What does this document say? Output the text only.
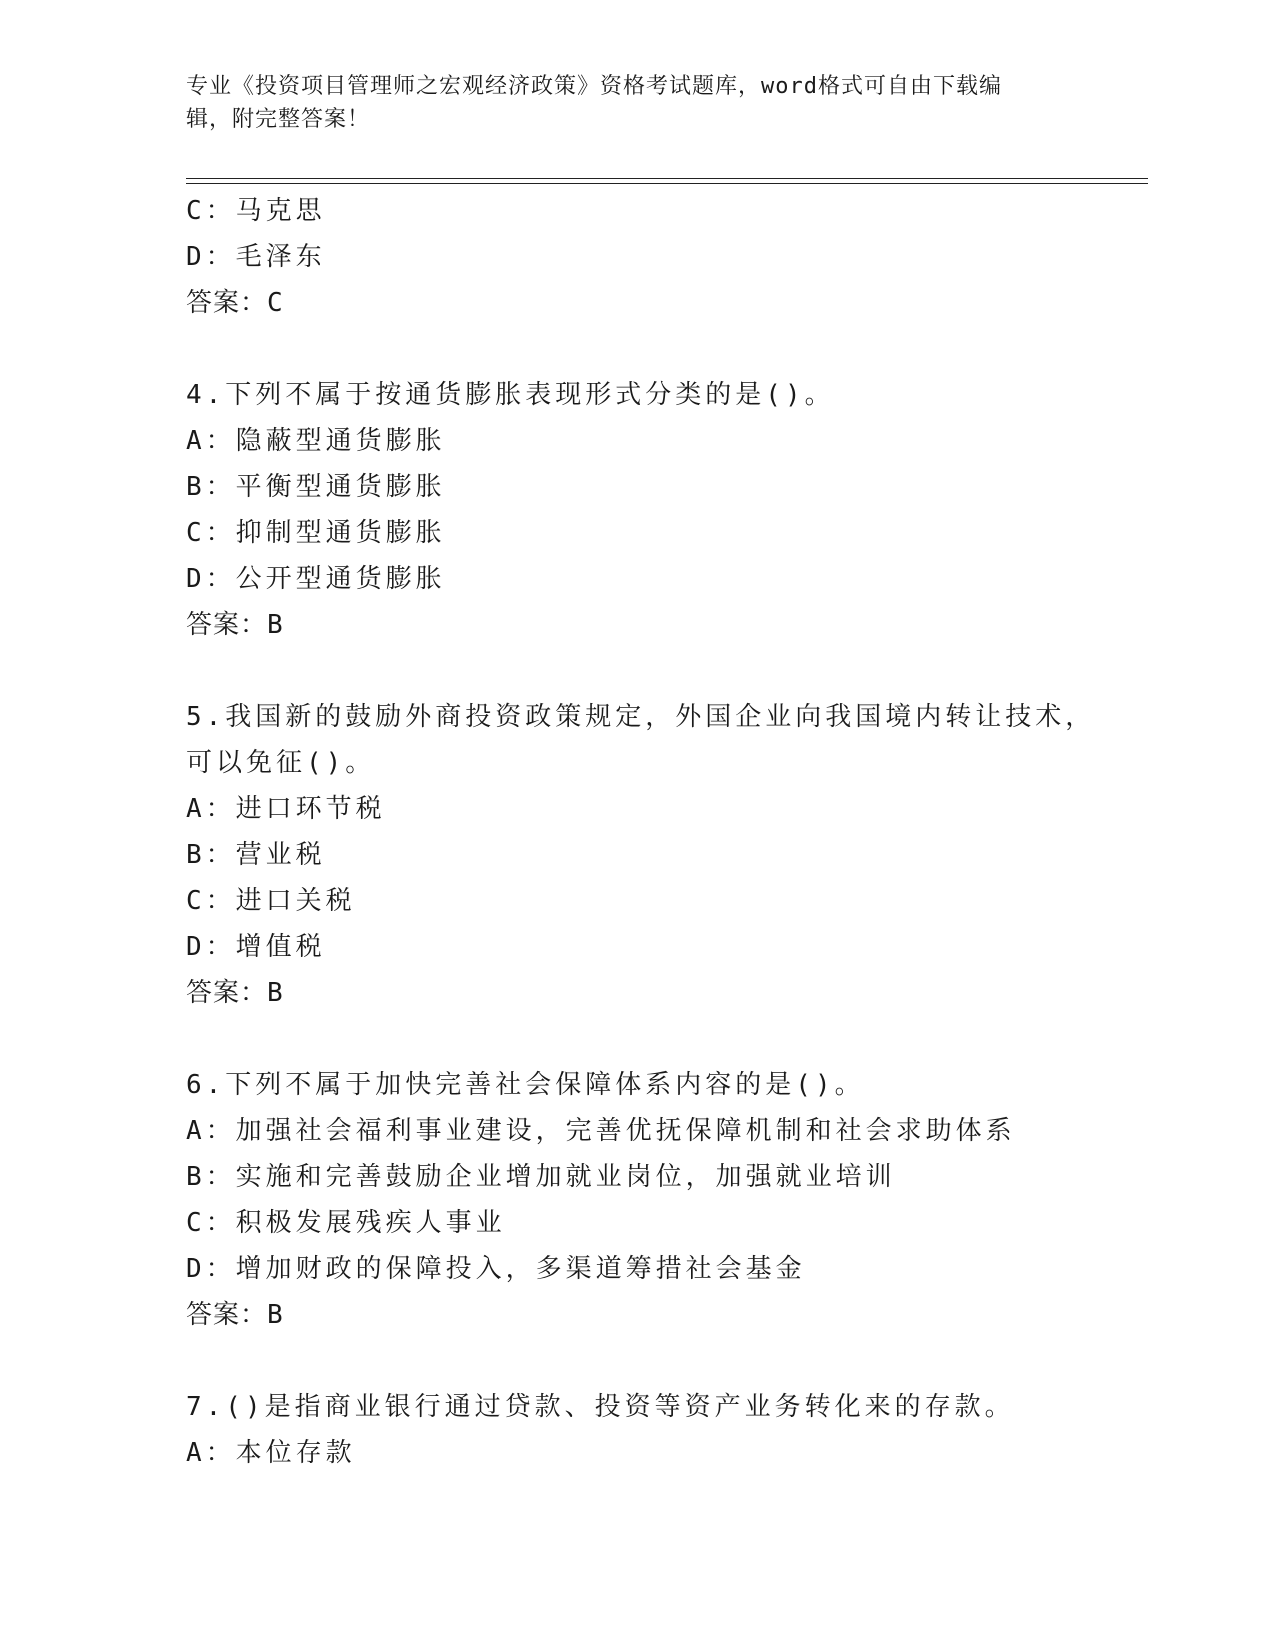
专业《投资项目管理师之宏观经济政策》资格考试题库，word格式可自由下载编
辑，附完整答案！
C：马克思
D：毛泽东
答案：C
4.下列不属于按通货膨胀表现形式分类的是()。
A：隐蔽型通货膨胀
B：平衡型通货膨胀
C：抑制型通货膨胀
D：公开型通货膨胀
答案：B
5.我国新的鼓励外商投资政策规定，外国企业向我国境内转让技术，
可以免征()。
A：进口环节税
B：营业税
C：进口关税
D：增值税
答案：B
6.下列不属于加快完善社会保障体系内容的是()。
A：加强社会福利事业建设，完善优抚保障机制和社会求助体系
B：实施和完善鼓励企业增加就业岗位，加强就业培训
C：积极发展残疾人事业
D：增加财政的保障投入，多渠道筹措社会基金
答案：B
7.()是指商业银行通过贷款、投资等资产业务转化来的存款。
A：本位存款
